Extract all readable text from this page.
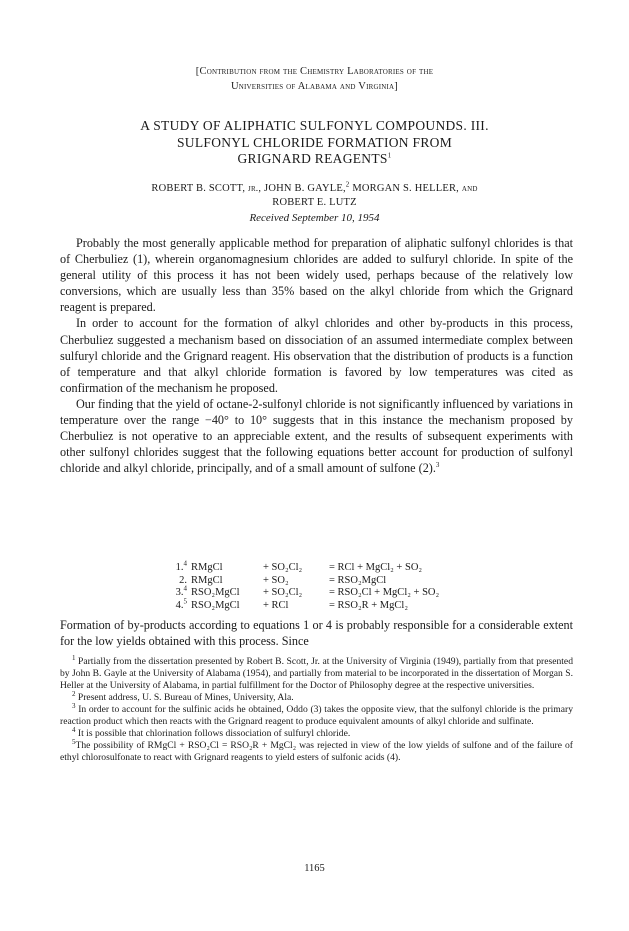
[Contribution from the Chemistry Laboratories of the
Universities of Alabama and Virginia]
A STUDY OF ALIPHATIC SULFONYL COMPOUNDS. III.
SULFONYL CHLORIDE FORMATION FROM
GRIGNARD REAGENTS$^1$
ROBERT B. SCOTT, jr., JOHN B. GAYLE,$^2$ MORGAN S. HELLER, and
ROBERT E. LUTZ
Received September 10, 1954

Probably the most generally applicable method for preparation of aliphatic sulfonyl chlorides is that of Cherbuliez (1), wherein organomagnesium chlorides are added to sulfuryl chloride. In spite of the general utility of this process it has not been widely used, perhaps because of the relatively low conversions, which are usually less than 35% based on the alkyl chloride from which the Grignard reagent is prepared.

In order to account for the formation of alkyl chlorides and other by-products in this process, Cherbuliez suggested a mechanism based on dissociation of an assumed intermediate complex between sulfuryl chloride and the Grignard reagent. His observation that the distribution of products is a function of temperature and that alkyl chloride formation is favored by low temperatures was cited as confirmation of the mechanism he proposed.

Our finding that the yield of octane-2-sulfonyl chloride is not significantly influenced by variations in temperature over the range −40° to 10° suggests that in this instance the mechanism proposed by Cherbuliez is not operative to an appreciable extent, and the results of subsequent experiments with other sulfonyl chlorides suggest that the following equations better account for production of sulfonyl chloride and alkyl chloride, principally, and of a small amount of sulfone (2).$^3$

1.$^4$ RMgCl	+ SO₂Cl₂	= RCl + MgCl₂ + SO₂
2. RMgCl	+ SO₂	= RSO₂MgCl
3.$^4$ RSO₂MgCl	+ SO₂Cl₂	= RSO₂Cl + MgCl₂ + SO₂
4.$^5$ RSO₂MgCl	+ RCl	= RSO₂R + MgCl₂

Formation of by-products according to equations 1 or 4 is probably responsible for a considerable extent for the low yields obtained with this process. Since

$^1$ Partially from the dissertation presented by Robert B. Scott, Jr. at the University of Virginia (1949), partially from that presented by John B. Gayle at the University of Alabama (1954), and partially from material to be incorporated in the dissertation of Morgan S. Heller at the University of Alabama, in partial fulfillment for the Doctor of Philosophy degree at the respective universities.

$^2$ Present address, U. S. Bureau of Mines, University, Ala.

$^3$ In order to account for the sulfinic acids he obtained, Oddo (3) takes the opposite view, that the sulfonyl chloride is the primary reaction product which then reacts with the Grignard reagent to produce equivalent amounts of alkyl chloride and sulfinate.

$^4$ It is possible that chlorination follows dissociation of sulfuryl chloride.

$^5$The possibility of RMgCl + RSO₂Cl = RSO₂R + MgCl₂ was rejected in view of the low yields of sulfone and of the failure of ethyl chlorosulfonate to react with Grignard reagents to yield esters of sulfonic acids (4).

1165
